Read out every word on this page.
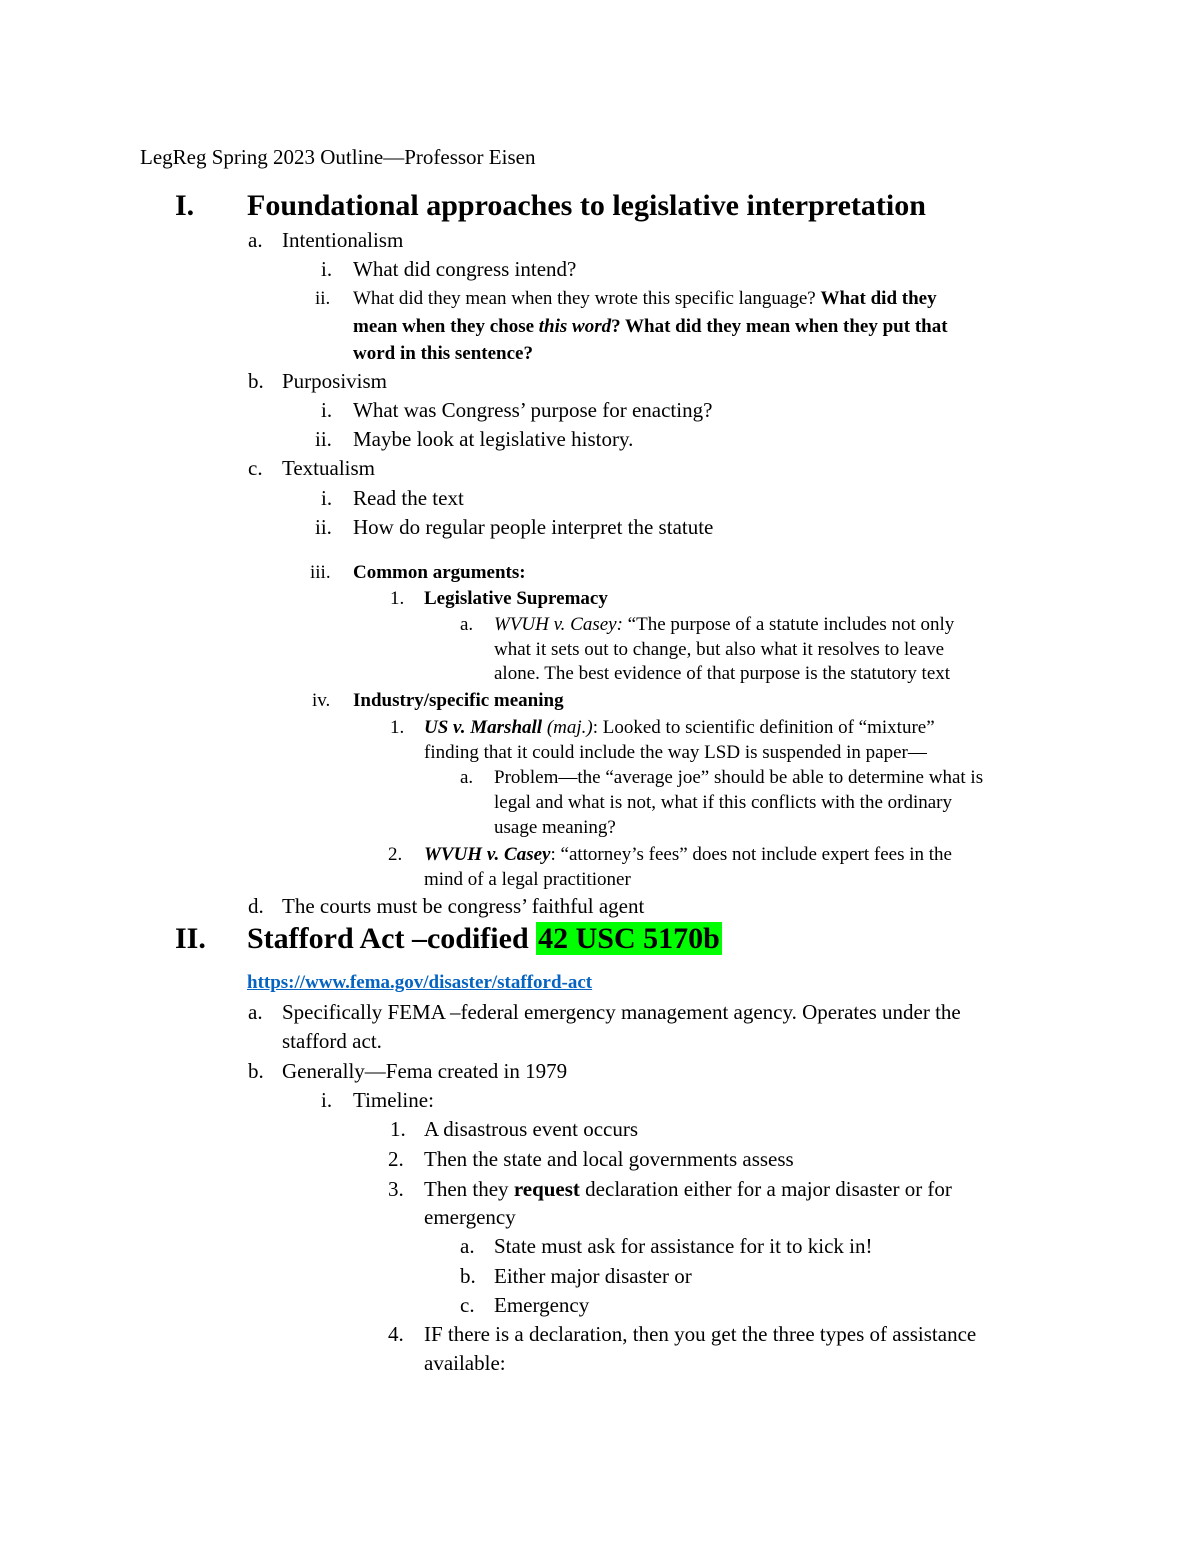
LegReg Spring 2023 Outline—Professor Eisen
I. Foundational approaches to legislative interpretation
a. Intentionalism
i. What did congress intend?
ii. What did they mean when they wrote this specific language? What did they
mean when they chose this word? What did they mean when they put that
word in this sentence?
b. Purposivism
i. What was Congress’ purpose for enacting?
ii. Maybe look at legislative history.
c. Textualism
i. Read the text
ii. How do regular people interpret the statute
iii. Common arguments:
1. Legislative Supremacy
a. WVUH v. Casey: “The purpose of a statute includes not only
what it sets out to change, but also what it resolves to leave
alone. The best evidence of that purpose is the statutory text
iv. Industry/specific meaning
1. US v. Marshall (maj.): Looked to scientific definition of “mixture”
finding that it could include the way LSD is suspended in paper—
a. Problem—the “average joe” should be able to determine what is
legal and what is not, what if this conflicts with the ordinary
usage meaning?
2. WVUH v. Casey: “attorney’s fees” does not include expert fees in the
mind of a legal practitioner
d. The courts must be congress’ faithful agent
II. Stafford Act –codified 42 USC 5170b
https://www.fema.gov/disaster/stafford-act
a. Specifically FEMA –federal emergency management agency. Operates under the
stafford act.
b. Generally—Fema created in 1979
i. Timeline:
1. A disastrous event occurs
2. Then the state and local governments assess
3. Then they request declaration either for a major disaster or for
emergency
a. State must ask for assistance for it to kick in!
b. Either major disaster or
c. Emergency
4. IF there is a declaration, then you get the three types of assistance
available:
